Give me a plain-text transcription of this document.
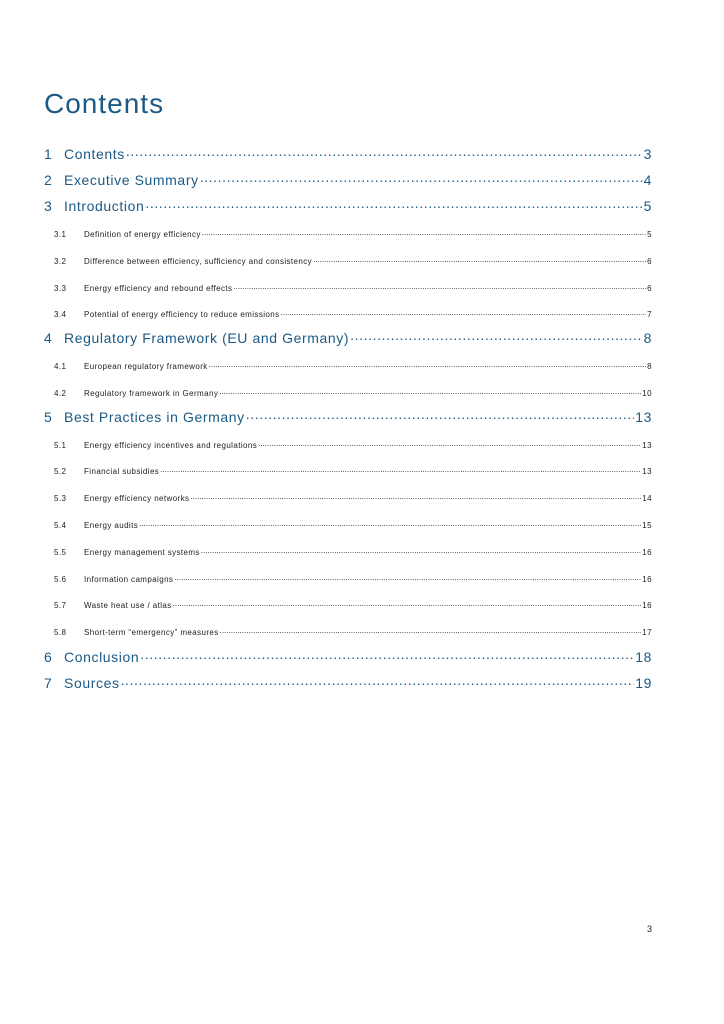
Contents
1 Contents .....	3
2 Executive Summary .....	4
3 Introduction .....	5
3.1	Definition of energy efficiency .....	5
3.2	Difference between efficiency, sufficiency and consistency .....	6
3.3	Energy efficiency and rebound effects .....	6
3.4	Potential of energy efficiency to reduce emissions .....	7
4 Regulatory Framework (EU and Germany) .....	8
4.1	European regulatory framework .....	8
4.2	Regulatory framework in Germany .....	10
5 Best Practices in Germany .....	13
5.1	Energy efficiency incentives and regulations .....	13
5.2	Financial subsidies .....	13
5.3	Energy efficiency networks .....	14
5.4	Energy audits .....	15
5.5	Energy management systems .....	16
5.6	Information campaigns .....	16
5.7	Waste heat use / atlas .....	16
5.8	Short-term “emergency” measures .....	17
6 Conclusion .....	18
7 Sources .....	19
3
